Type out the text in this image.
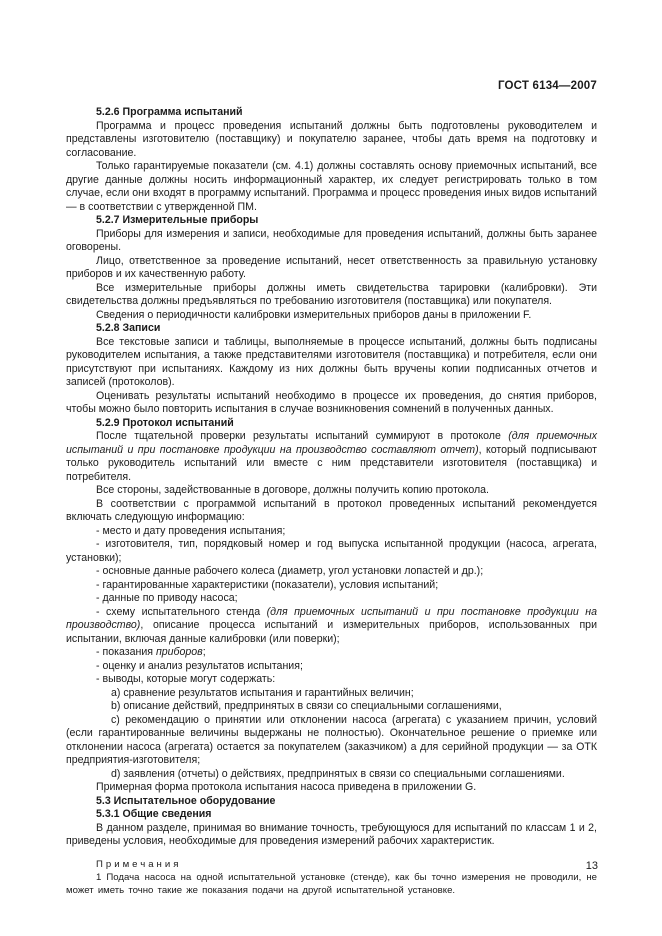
ГОСТ 6134—2007

5.2.6 Программа испытаний

Программа и процесс проведения испытаний должны быть подготовлены руководителем и представлены изготовителю (поставщику) и покупателю заранее, чтобы дать время на подготовку и согласование.

Только гарантируемые показатели (см. 4.1) должны составлять основу приемочных испытаний, все другие данные должны носить информационный характер, их следует регистрировать только в том случае, если они входят в программу испытаний. Программа и процесс проведения иных видов испытаний — в соответствии с утвержденной ПМ.

5.2.7 Измерительные приборы

Приборы для измерения и записи, необходимые для проведения испытаний, должны быть заранее оговорены.

Лицо, ответственное за проведение испытаний, несет ответственность за правильную установку приборов и их качественную работу.

Все измерительные приборы должны иметь свидетельства тарировки (калибровки). Эти свидетельства должны предъявляться по требованию изготовителя (поставщика) или покупателя.

Сведения о периодичности калибровки измерительных приборов даны в приложении F.

5.2.8 Записи

Все текстовые записи и таблицы, выполняемые в процессе испытаний, должны быть подписаны руководителем испытания, а также представителями изготовителя (поставщика) и потребителя, если они присутствуют при испытаниях. Каждому из них должны быть вручены копии подписанных отчетов и записей (протоколов).

Оценивать результаты испытаний необходимо в процессе их проведения, до снятия приборов, чтобы можно было повторить испытания в случае возникновения сомнений в полученных данных.

5.2.9 Протокол испытаний

После тщательной проверки результаты испытаний суммируют в протоколе (для приемочных испытаний и при постановке продукции на производство составляют отчет), который подписывают только руководитель испытаний или вместе с ним представители изготовителя (поставщика) и потребителя.

Все стороны, задействованные в договоре, должны получить копию протокола.

В соответствии с программой испытаний в протокол проведенных испытаний рекомендуется включать следующую информацию:

- место и дату проведения испытания;

- изготовителя, тип, порядковый номер и год выпуска испытанной продукции (насоса, агрегата, установки);

- основные данные рабочего колеса (диаметр, угол установки лопастей и др.);

- гарантированные характеристики (показатели), условия испытаний;

- данные по приводу насоса;

- схему испытательного стенда (для приемочных испытаний и при постановке продукции на производство), описание процесса испытаний и измерительных приборов, использованных при испытании, включая данные калибровки (или поверки);

- показания приборов;

- оценку и анализ результатов испытания;

- выводы, которые могут содержать:

a) сравнение результатов испытания и гарантийных величин;

b) описание действий, предпринятых в связи со специальными соглашениями,

c) рекомендацию о принятии или отклонении насоса (агрегата) с указанием причин, условий (если гарантированные величины выдержаны не полностью). Окончательное решение о приемке или отклонении насоса (агрегата) остается за покупателем (заказчиком) а для серийной продукции — за ОТК предприятия-изготовителя;

d) заявления (отчеты) о действиях, предпринятых в связи со специальными соглашениями.

Примерная форма протокола испытания насоса приведена в приложении G.

5.3 Испытательное оборудование

5.3.1 Общие сведения

В данном разделе, принимая во внимание точность, требующуюся для испытаний по классам 1 и 2, приведены условия, необходимые для проведения измерений рабочих характеристик.

Примечания

1 Подача насоса на одной испытательной установке (стенде), как бы точно измерения не проводили, не может иметь точно такие же показания подачи на другой испытательной установке.

13
